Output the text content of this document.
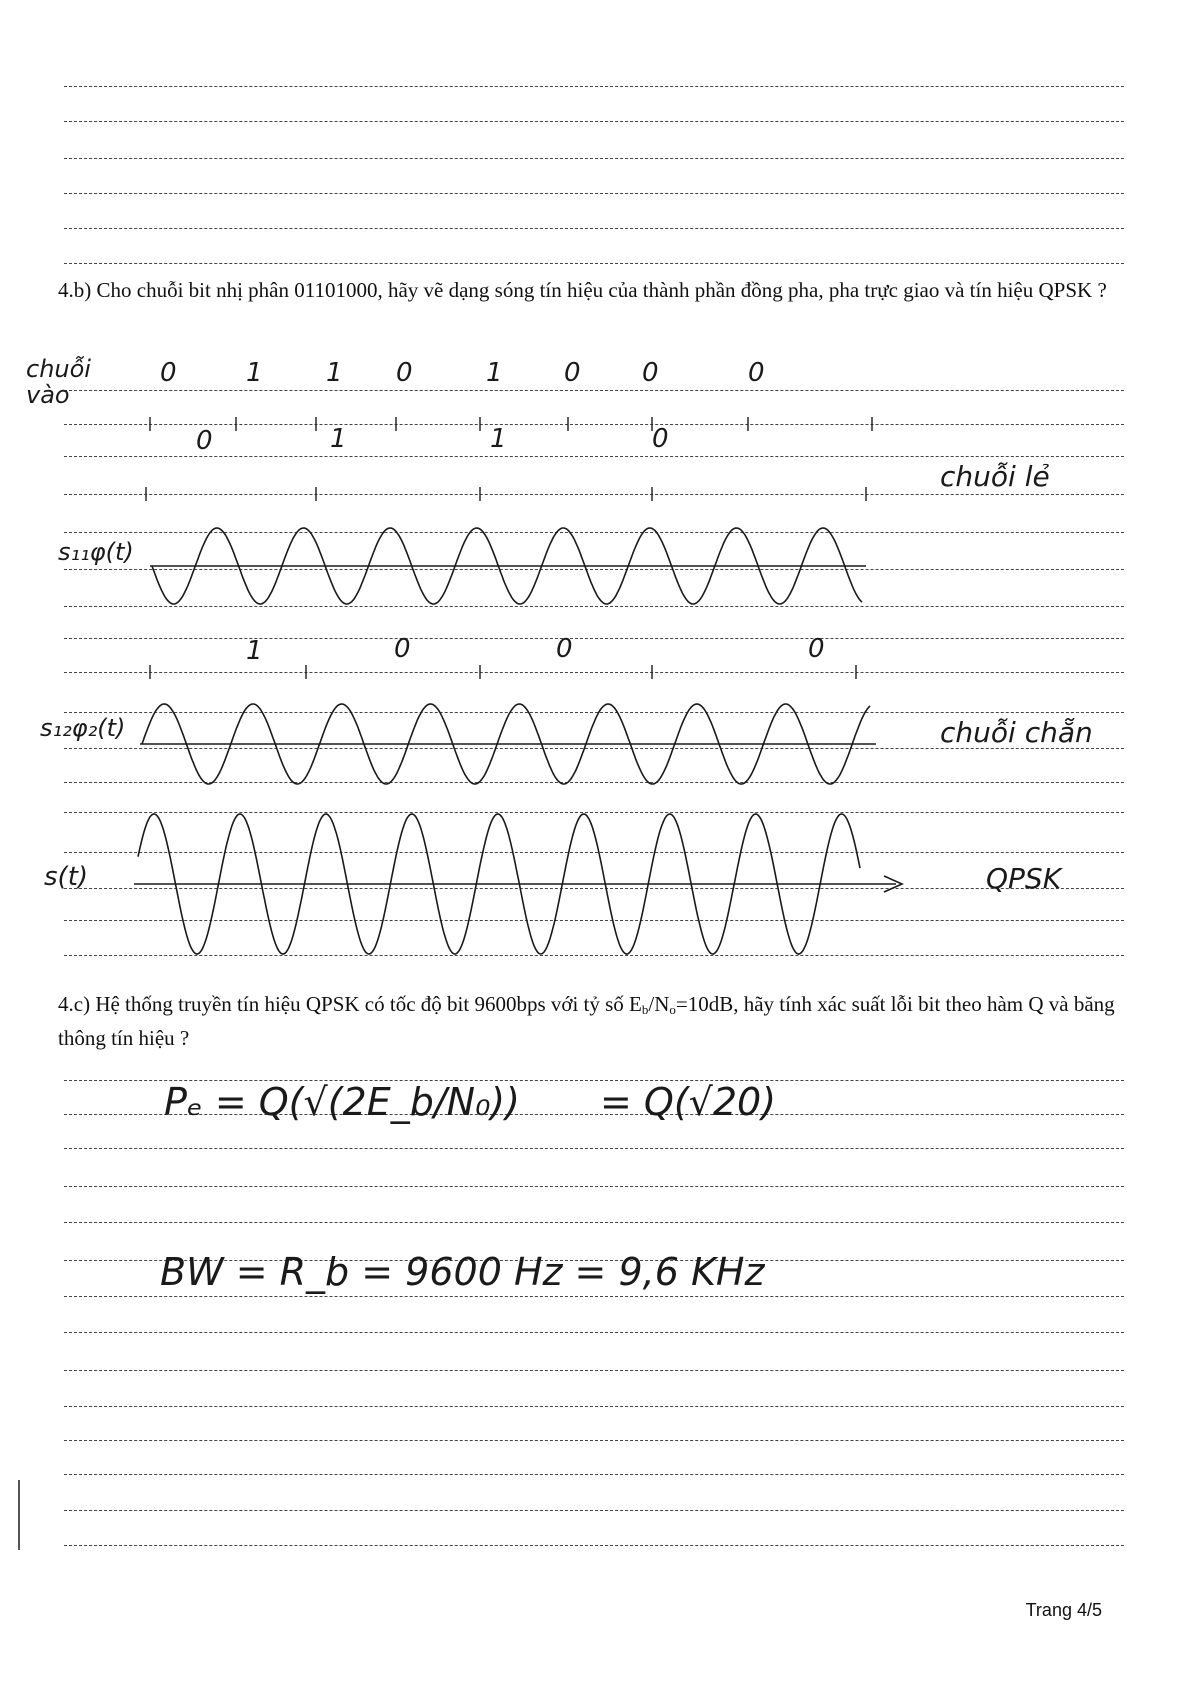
4.b) Cho chuỗi bit nhị phân 01101000, hãy vẽ dạng sóng tín hiệu của thành phần đồng pha, pha trực giao và tín hiệu QPSK ?
chuỗi vào
0	1 1 0	1 0 0	0
0	1	1	0
chuỗi lẻ
s₁₁φ(t)
1	0	0	0
s₁₂φ₂(t)	chuỗi chẵn
s(t)	QPSK
4.c) Hệ thống truyền tín hiệu QPSK có tốc độ bit 9600bps với tỷ số $E_b/N_o=10dB$, hãy tính xác suất lỗi bit theo hàm Q và băng thông tín hiệu ?
Pₑ = Q(√(2E_b/N₀)) = Q(√20)
BW = R_b = 9600 Hz = 9,6 KHz
Trang 4/5
